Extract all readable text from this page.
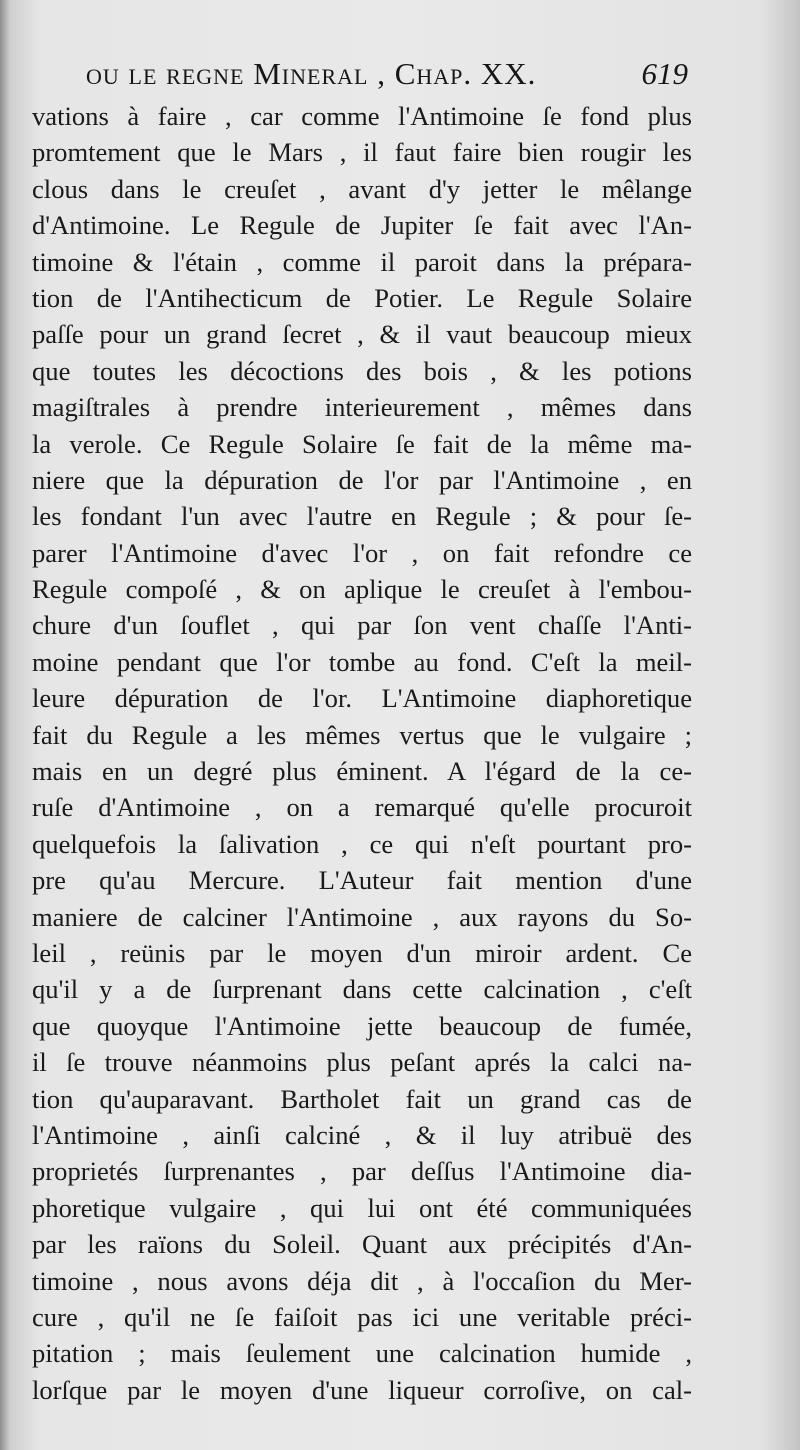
ou le regne Mineral , Chap. XX.	619
vations à faire , car comme l'Antimoine ſe fond plus
promtement que le Mars , il faut faire bien rougir les
clous dans le creuſet , avant d'y jetter le mêlange
d'Antimoine. Le Regule de Jupiter ſe fait avec l'An-
timoine & l'étain , comme il paroit dans la prépara-
tion de l'Antihecticum de Potier. Le Regule Solaire
paſſe pour un grand ſecret , & il vaut beaucoup mieux
que toutes les décoctions des bois , & les potions
magiſtrales à prendre interieurement , mêmes dans
la verole. Ce Regule Solaire ſe fait de la même ma-
niere que la dépuration de l'or par l'Antimoine , en
les fondant l'un avec l'autre en Regule ; & pour ſe-
parer l'Antimoine d'avec l'or , on fait refondre ce
Regule compoſé , & on aplique le creuſet à l'embou-
chure d'un ſouflet , qui par ſon vent chaſſe l'Anti-
moine pendant que l'or tombe au fond. C'eſt la meil-
leure dépuration de l'or. L'Antimoine diaphoretique
fait du Regule a les mêmes vertus que le vulgaire ;
mais en un degré plus éminent. A l'égard de la ce-
ruſe d'Antimoine , on a remarqué qu'elle procuroit
quelquefois la ſalivation , ce qui n'eſt pourtant pro-
pre qu'au Mercure. L'Auteur fait mention d'une
maniere de calciner l'Antimoine , aux rayons du So-
leil , reünis par le moyen d'un miroir ardent. Ce
qu'il y a de ſurprenant dans cette calcination , c'eſt
que quoyque l'Antimoine jette beaucoup de fumée,
il ſe trouve néanmoins plus peſant aprés la calci na-
tion qu'auparavant. Bartholet fait un grand cas de
l'Antimoine , ainſi calciné , & il luy atribuë des
proprietés ſurprenantes , par deſſus l'Antimoine dia-
phoretique vulgaire , qui lui ont été communiquées
par les raïons du Soleil. Quant aux précipités d'An-
timoine , nous avons déja dit , à l'occaſion du Mer-
cure , qu'il ne ſe faiſoit pas ici une veritable préci-
pitation ; mais ſeulement une calcination humide ,
lorſque par le moyen d'une liqueur corroſive, on cal-
